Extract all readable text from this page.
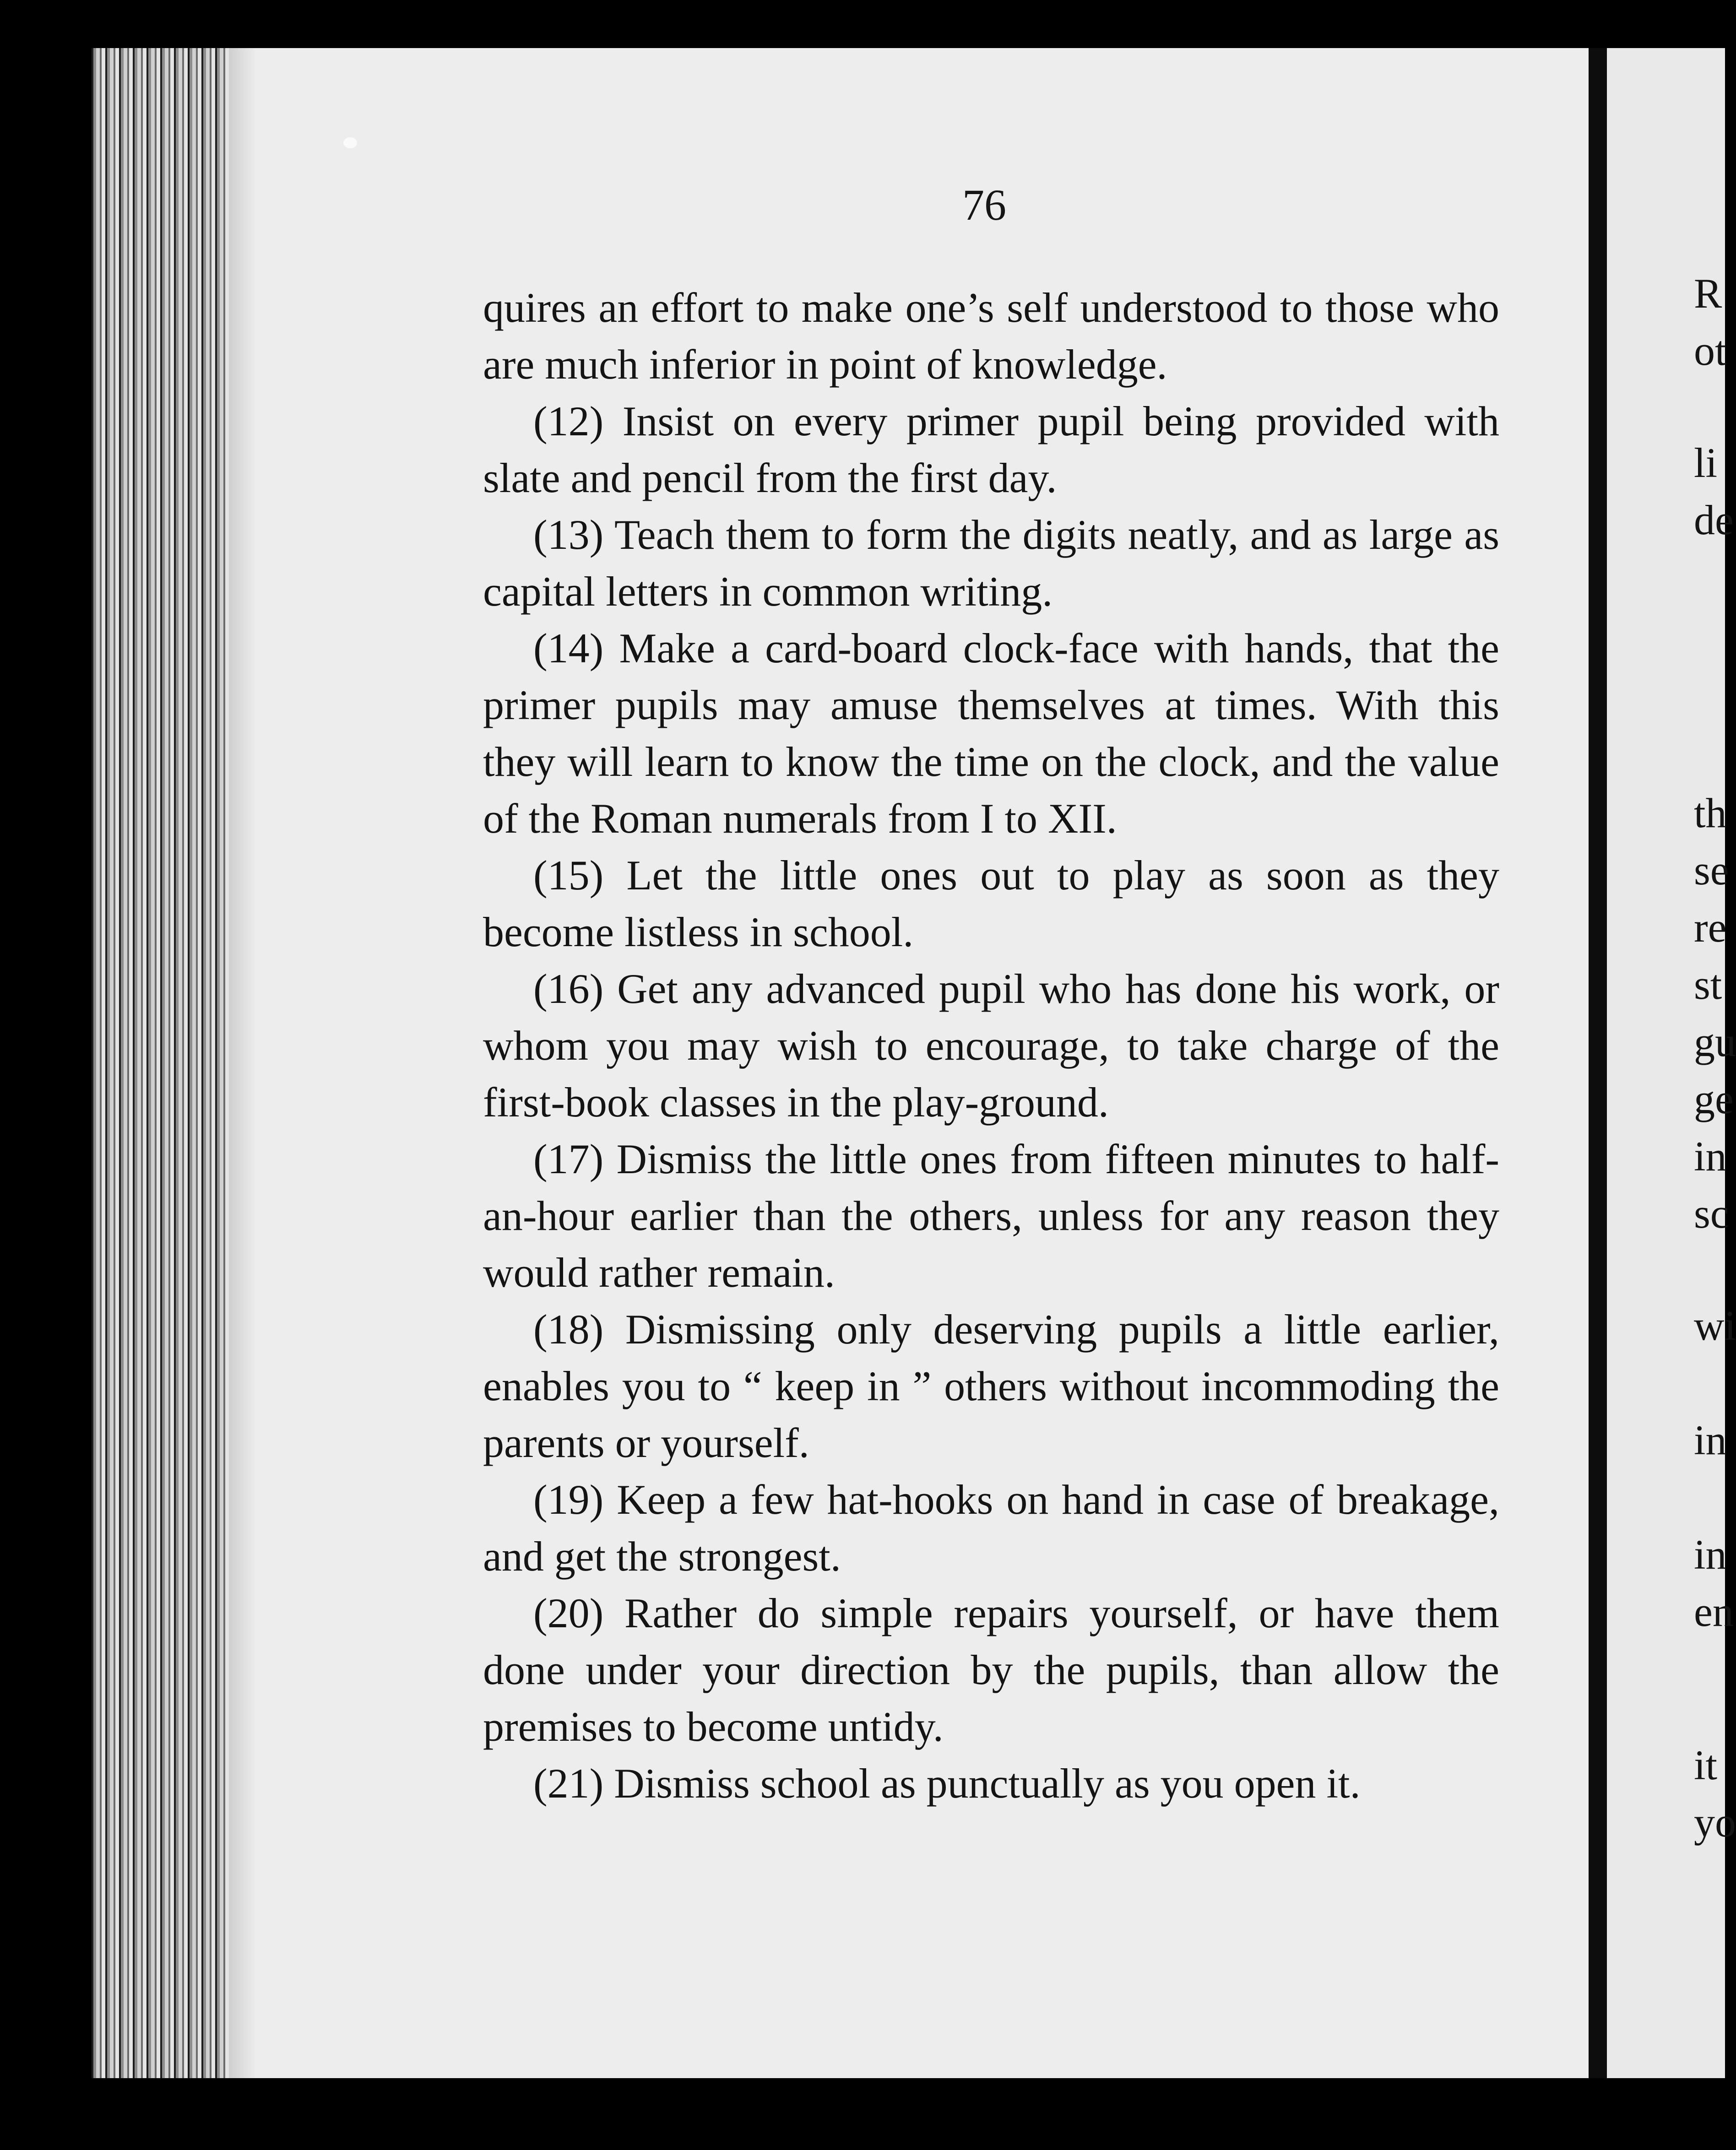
76

quires an effort to make one’s self understood to those who are much inferior in point of knowledge.

(12) Insist on every primer pupil being provided with slate and pencil from the first day.

(13) Teach them to form the digits neatly, and as large as capital letters in common writing.

(14) Make a card-board clock-face with hands, that the primer pupils may amuse themselves at times. With this they will learn to know the time on the clock, and the value of the Roman numerals from I to XII.

(15) Let the little ones out to play as soon as they become listless in school.

(16) Get any advanced pupil who has done his work, or whom you may wish to encourage, to take charge of the first-book classes in the play-ground.

(17) Dismiss the little ones from fifteen minutes to half-an-hour earlier than the others, unless for any reason they would rather remain.

(18) Dismissing only deserving pupils a little earlier, enables you to “ keep in ” others without incommoding the parents or yourself.

(19) Keep a few hat-hooks on hand in case of breakage, and get the strongest.

(20) Rather do simple repairs yourself, or have them done under your direction by the pupils, than allow the premises to become untidy.

(21) Dismiss school as punctually as you open it.

R
ot
li
de
th
se
re
st
gu
ge
in
sc
wi
in
in
en
it
yo
